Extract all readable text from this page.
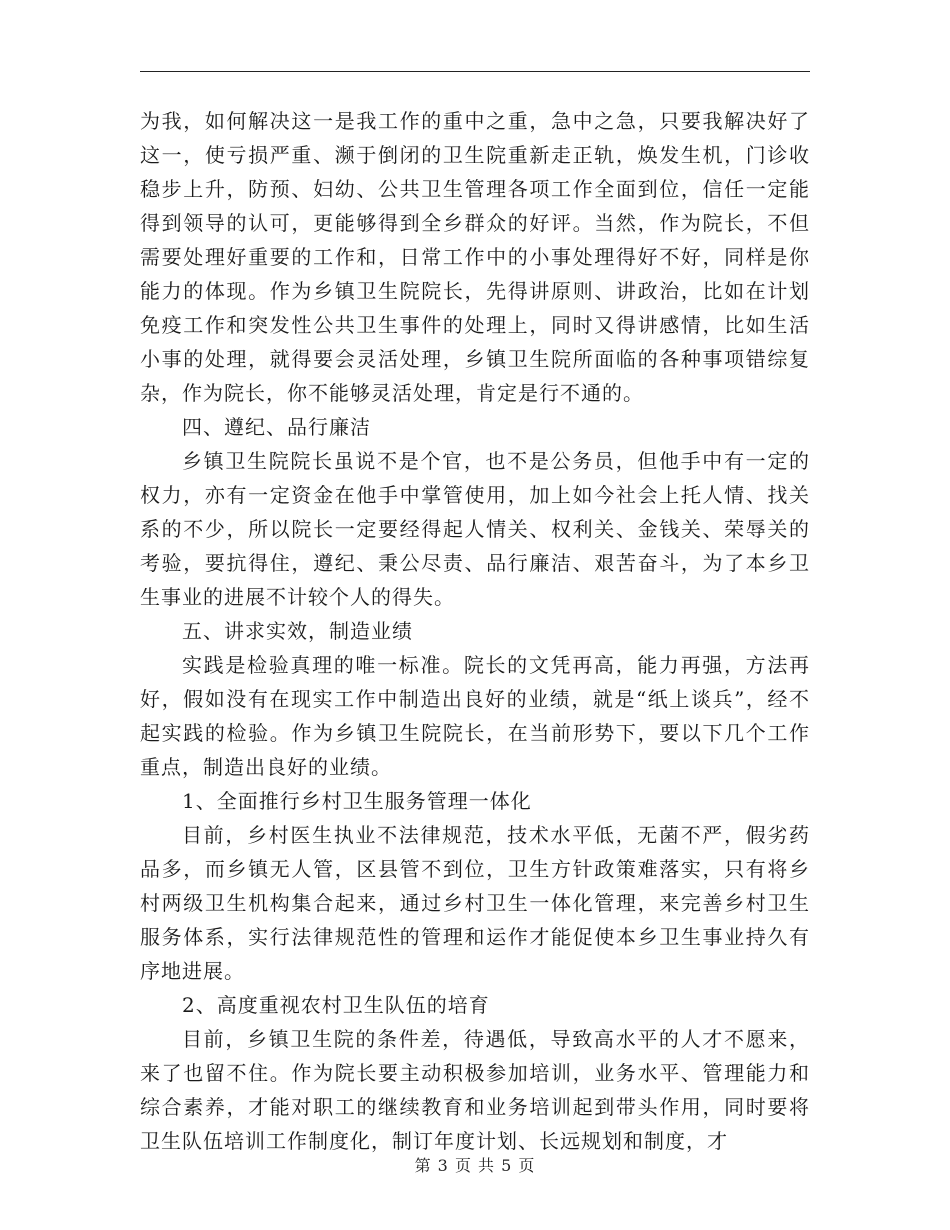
为我，如何解决这一是我工作的重中之重，急中之急，只要我解决好了这一，使亏损严重、濒于倒闭的卫生院重新走正轨，焕发生机，门诊收稳步上升，防预、妇幼、公共卫生管理各项工作全面到位，信任一定能得到领导的认可，更能够得到全乡群众的好评。当然，作为院长，不但需要处理好重要的工作和，日常工作中的小事处理得好不好，同样是你能力的体现。作为乡镇卫生院院长，先得讲原则、讲政治，比如在计划免疫工作和突发性公共卫生事件的处理上，同时又得讲感情，比如生活小事的处理，就得要会灵活处理，乡镇卫生院所面临的各种事项错综复杂，作为院长，你不能够灵活处理，肯定是行不通的。

四、遵纪、品行廉洁

乡镇卫生院院长虽说不是个官，也不是公务员，但他手中有一定的权力，亦有一定资金在他手中掌管使用，加上如今社会上托人情、找关系的不少，所以院长一定要经得起人情关、权利关、金钱关、荣辱关的考验，要抗得住，遵纪、秉公尽责、品行廉洁、艰苦奋斗，为了本乡卫生事业的进展不计较个人的得失。

五、讲求实效，制造业绩

实践是检验真理的唯一标准。院长的文凭再高，能力再强，方法再好，假如没有在现实工作中制造出良好的业绩，就是“纸上谈兵”，经不起实践的检验。作为乡镇卫生院院长，在当前形势下，要以下几个工作重点，制造出良好的业绩。

1、全面推行乡村卫生服务管理一体化

目前，乡村医生执业不法律规范，技术水平低，无菌不严，假劣药品多，而乡镇无人管，区县管不到位，卫生方针政策难落实，只有将乡村两级卫生机构集合起来，通过乡村卫生一体化管理，来完善乡村卫生服务体系，实行法律规范性的管理和运作才能促使本乡卫生事业持久有序地进展。

2、高度重视农村卫生队伍的培育

目前，乡镇卫生院的条件差，待遇低，导致高水平的人才不愿来，来了也留不住。作为院长要主动积极参加培训，业务水平、管理能力和综合素养，才能对职工的继续教育和业务培训起到带头作用，同时要将卫生队伍培训工作制度化，制订年度计划、长远规划和制度，才

第 3 页 共 5 页
